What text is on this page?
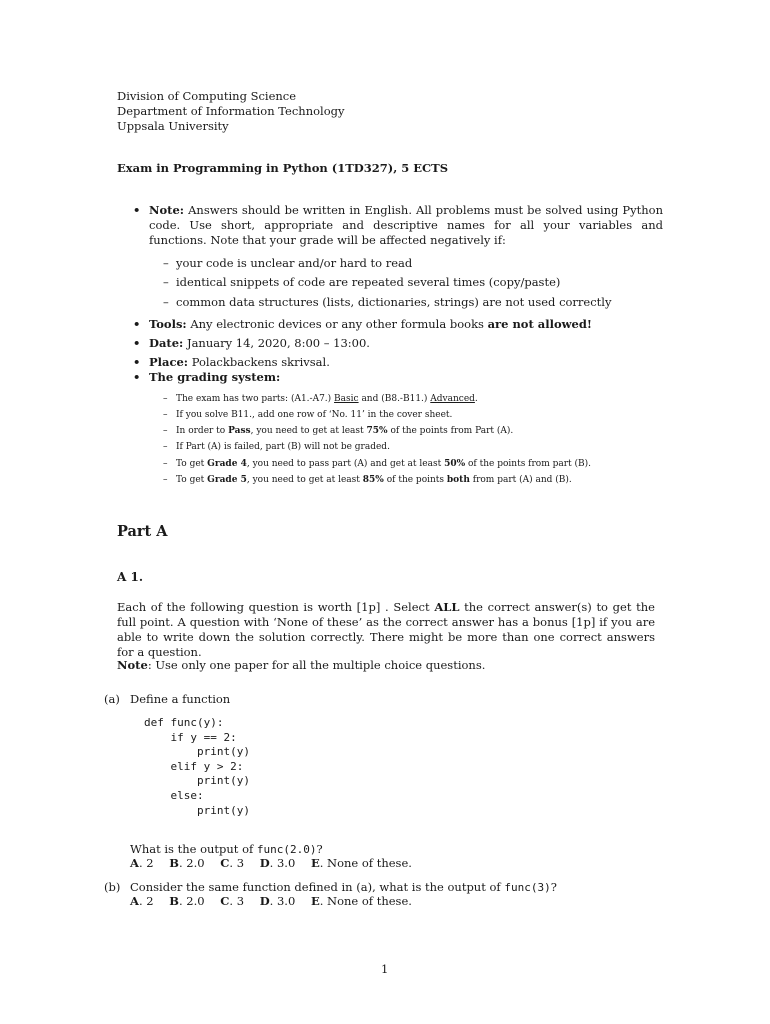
Division of Computing Science
Department of Information Technology
Uppsala University
Exam in Programming in Python (1TD327), 5 ECTS
• Note: Answers should be written in English. All problems must be solved using Python code. Use short, appropriate and descriptive names for all your variables and functions. Note that your grade will be affected negatively if:
– your code is unclear and/or hard to read
– identical snippets of code are repeated several times (copy/paste)
– common data structures (lists, dictionaries, strings) are not used correctly
• Tools: Any electronic devices or any other formula books are not allowed!
• Date: January 14, 2020, 8:00 – 13:00.
• Place: Polackbackens skrivsal.
• The grading system:
– The exam has two parts: (A1.-A7.) Basic and (B8.-B11.) Advanced.
– If you solve B11., add one row of ‘No. 11’ in the cover sheet.
– In order to Pass, you need to get at least 75% of the points from Part (A).
– If Part (A) is failed, part (B) will not be graded.
– To get Grade 4, you need to pass part (A) and get at least 50% of the points from part (B).
– To get Grade 5, you need to get at least 85% of the points both from part (A) and (B).
Part A
A 1.
Each of the following question is worth [1p] . Select ALL the correct answer(s) to get the full point. A question with ‘None of these’ as the correct answer has a bonus [1p] if you are able to write down the solution correctly. There might be more than one correct answers for a question.
Note: Use only one paper for all the multiple choice questions.
(a) Define a function
def func(y):
if y == 2:
print(y)
elif y > 2:
print(y)
else:
print(y)
What is the output of func(2.0)?
A. 2 B. 2.0 C. 3 D. 3.0 E. None of these.
(b) Consider the same function defined in (a), what is the output of func(3)?
A. 2 B. 2.0 C. 3 D. 3.0 E. None of these.
1
